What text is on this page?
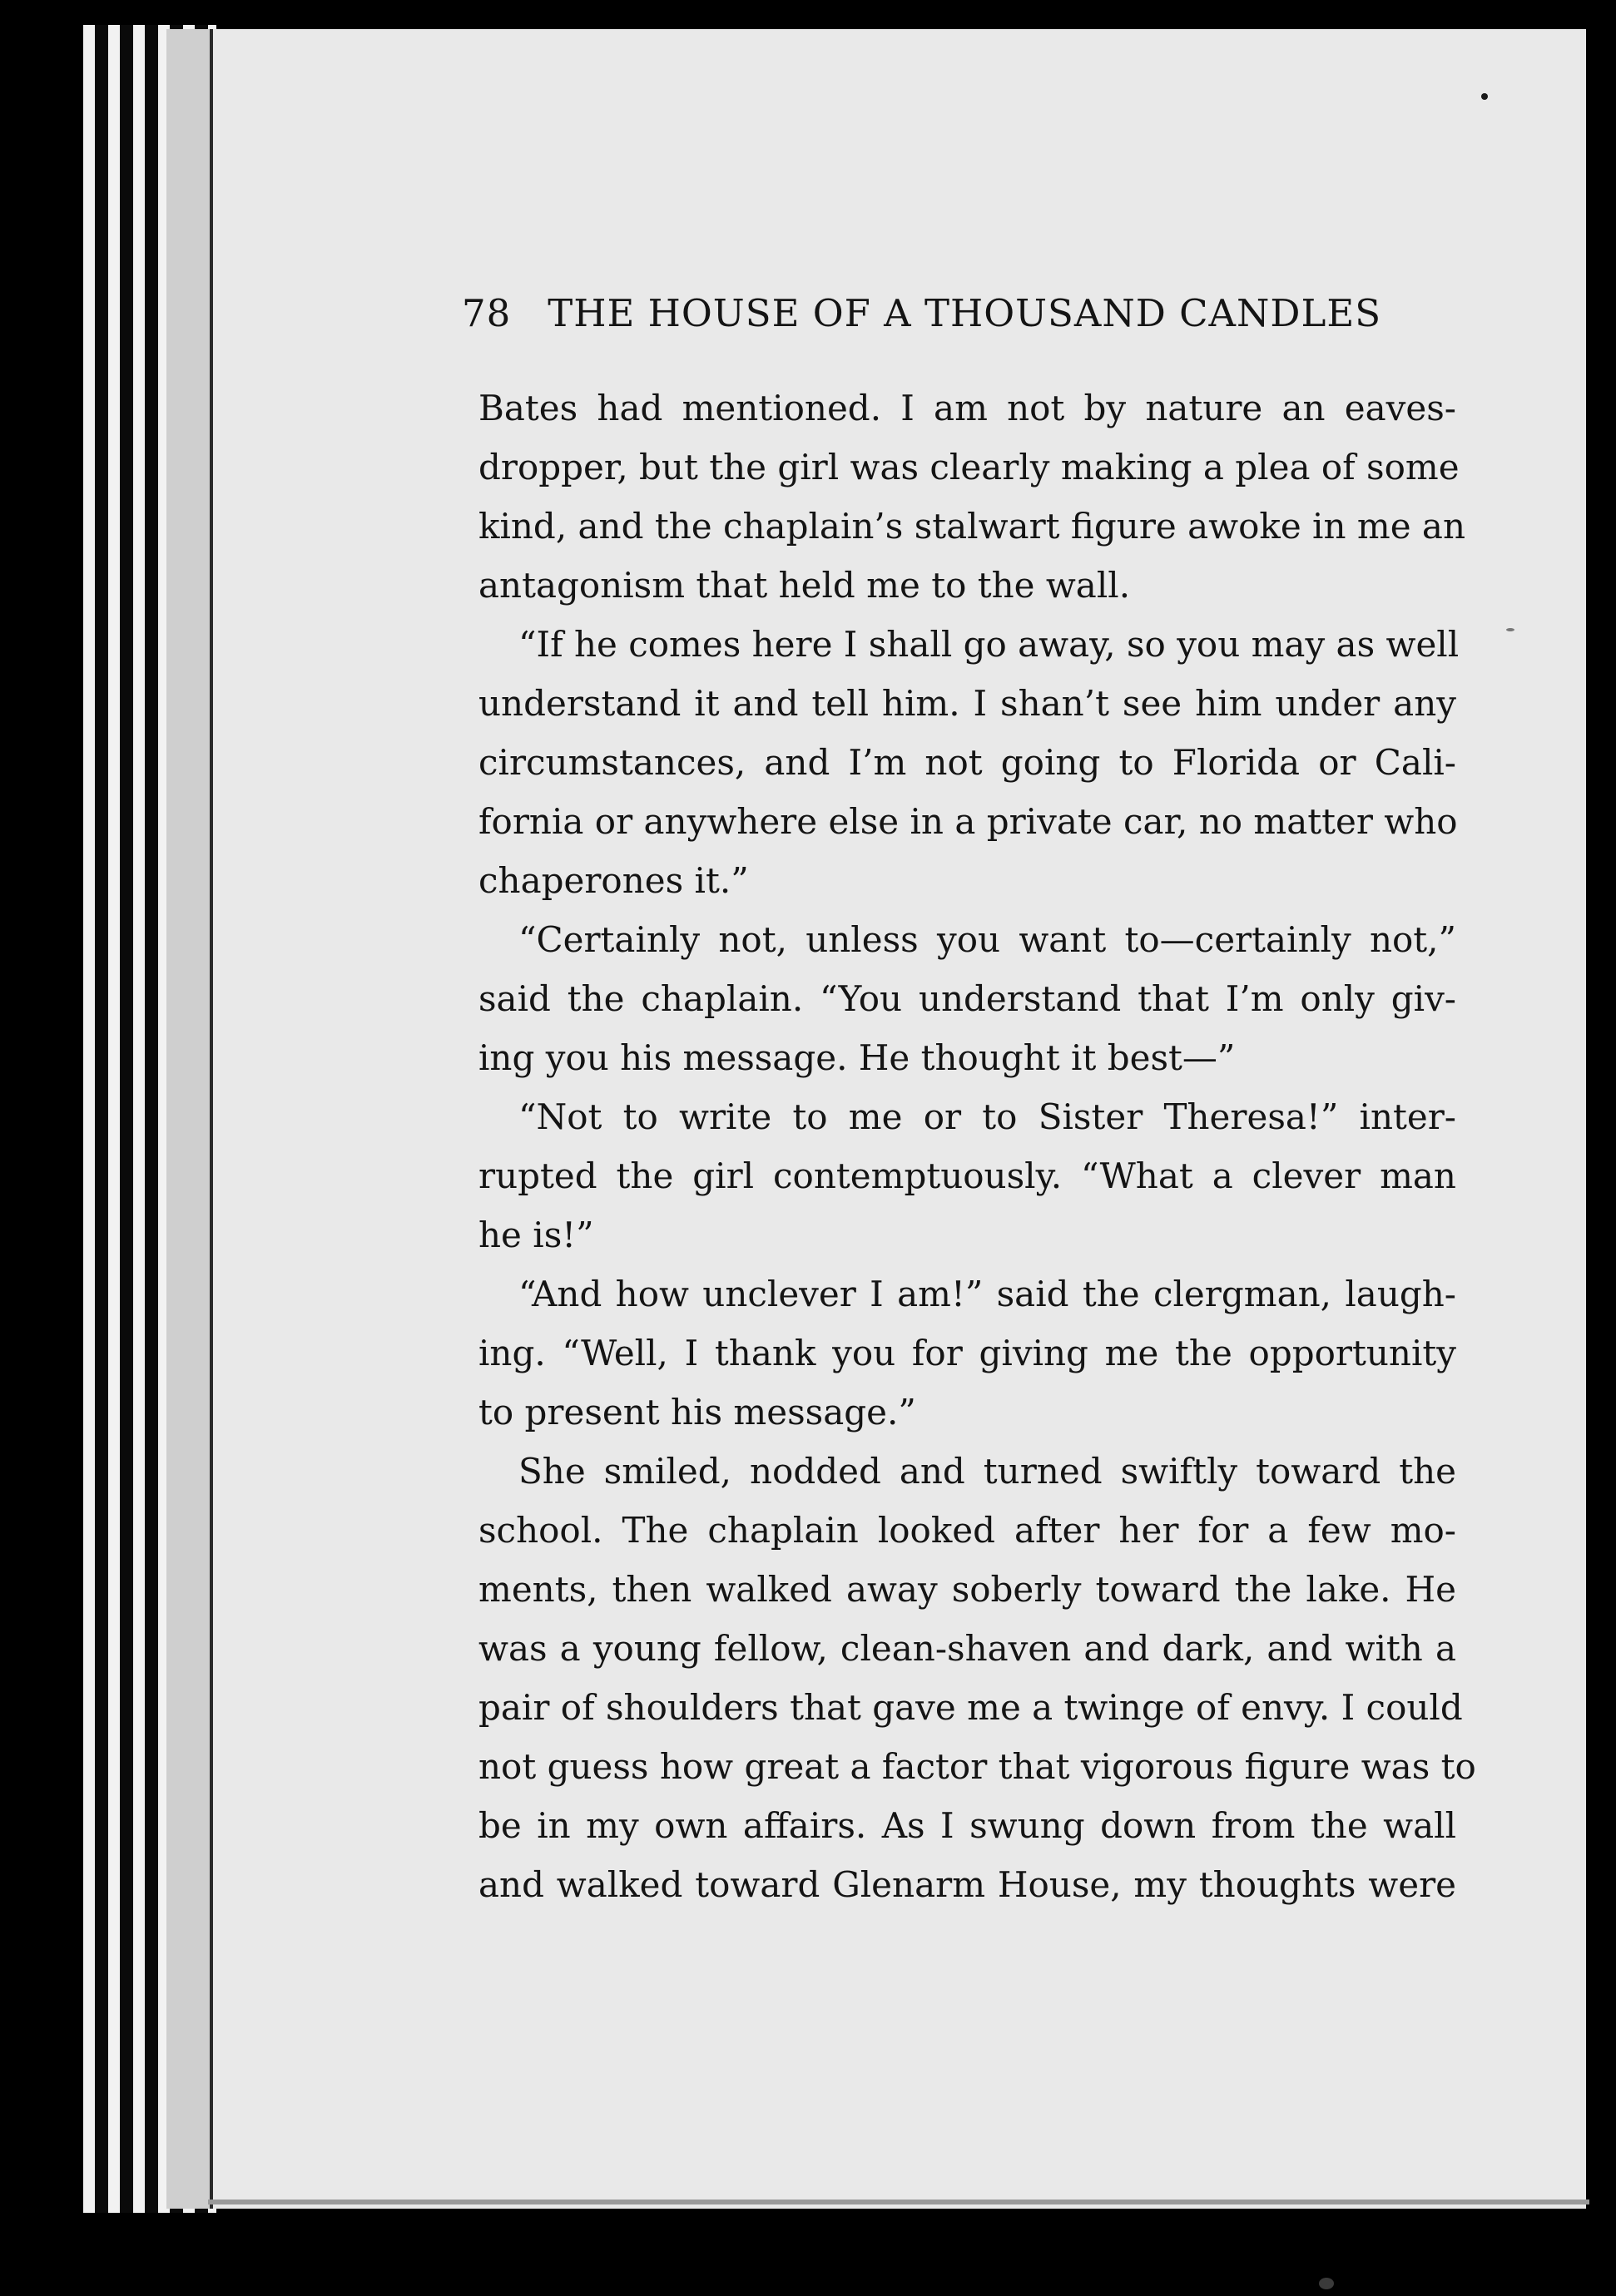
78 THE HOUSE OF A THOUSAND CANDLES
Bates had mentioned. I am not by nature an eaves-
dropper, but the girl was clearly making a plea of some
kind, and the chaplain’s stalwart figure awoke in me an
antagonism that held me to the wall.
“If he comes here I shall go away, so you may as well
understand it and tell him. I shan’t see him under any
circumstances, and I’m not going to Florida or Cali-
fornia or anywhere else in a private car, no matter who
chaperones it.”
“Certainly not, unless you want to—certainly not,”
said the chaplain. “You understand that I’m only giv-
ing you his message. He thought it best—”
“Not to write to me or to Sister Theresa!” inter-
rupted the girl contemptuously. “What a clever man
he is!”
“And how unclever I am!” said the clergman, laugh-
ing. “Well, I thank you for giving me the opportunity
to present his message.”
She smiled, nodded and turned swiftly toward the
school. The chaplain looked after her for a few mo-
ments, then walked away soberly toward the lake. He
was a young fellow, clean-shaven and dark, and with a
pair of shoulders that gave me a twinge of envy. I could
not guess how great a factor that vigorous figure was to
be in my own affairs. As I swung down from the wall
and walked toward Glenarm House, my thoughts were
